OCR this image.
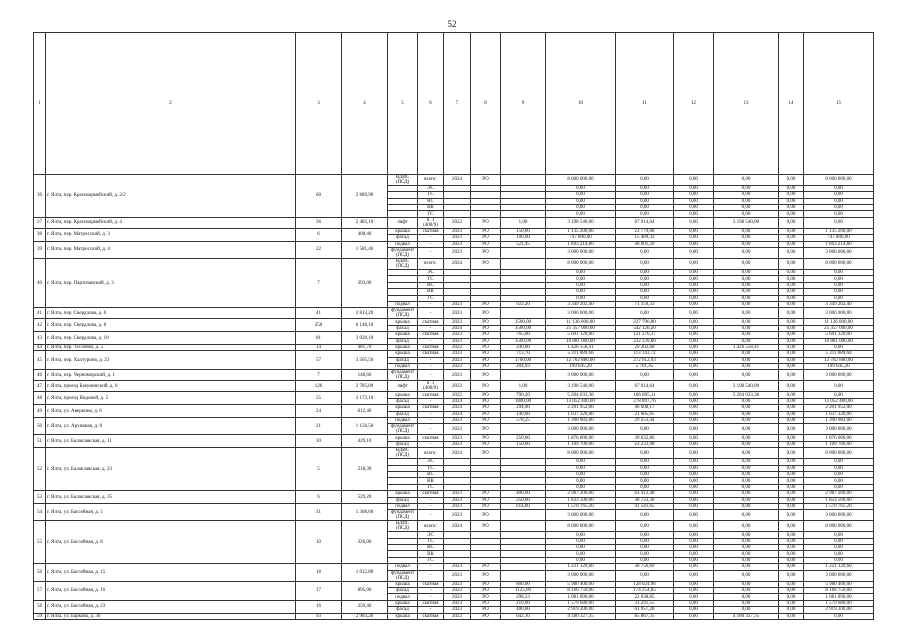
52
1	2	3	4	5	6	7	8	9	10	11	12	13	14	15
36	г. Ялта, пер. Красноармейский, д. 2/2	60	2 889,90	ВДИС (ПСД)	всего:	2024	РО		8 000 000,00	0,00	0,00	0,00	0,00	8 000 000,00
					ЭС				0,00	0,00	0,00	0,00	0,00	0,00
					ТС				0,00	0,00	0,00	0,00	0,00	0,00
					ВС				0,00	0,00	0,00	0,00	0,00	0,00
					ВК				0,00	0,00	0,00	0,00	0,00	0,00
					ГС				0,00	0,00	0,00	0,00	0,00	0,00
37	г. Ялта, пер. Красноармейский, д. 4	36	2 483,10	лифт	п. 1 (400/9)	2022	РО	1,00	3 198 540,00	67 014,64	0,00	3 198 540,00	0,00	0,00
38	г. Ялта, пер. Матросский, д. 3	6	408,40	крыша	скатная	2023	РО	150,00	1 135 200,00	23 779,68	0,00	0,00	0,00	1 135 200,00
				фасад	-	2023	РО	100,00	747 800,00	15 489,32	0,00	0,00	0,00	747 800,00
39	г. Ялта, пер. Матросский, д. 4	22	1 581,40	подвал	-	2023	РО	521,45	1 893 214,80	40 001,20	0,00	0,00	0,00	1 893 214,80
				фундамент (ПСД)	-	2023	РО		3 000 000,00	0,00	0,00	0,00	0,00	3 000 000,00
40	г. Ялта, пер. Партизанский, д. 3	7	393,00	ВДИС (ПСД)	всего:	2024	РО		8 000 000,00	0,00	0,00	0,00	0,00	8 000 000,00
					ЭС				0,00	0,00	0,00	0,00	0,00	0,00
					ТС				0,00	0,00	0,00	0,00	0,00	0,00
					ВС				0,00	0,00	0,00	0,00	0,00	0,00
					ВК				0,00	0,00	0,00	0,00	0,00	0,00
					ГС				0,00	0,00	0,00	0,00	0,00	0,00
				подвал	-	2023	РО	922,20	3 349 202,40	71 159,33	0,00	0,00	0,00	3 349 202,40
41	г. Ялта, пер. Свердлова, д. 6	41	2 813,20	фундамент (ПСД)	-	2023	РО		3 000 000,00	0,00	0,00	0,00	0,00	3 000 000,00
42	г. Ялта, пер. Свердлова, д. 8	250	6 148,10	крыша	скатная	2023	РО	1500,00	11 136 000,00	237 796,80	0,00	0,00	0,00	11 136 000,00
				фасад	-	2024	РО	3500,00	25 357 000,00	542 126,20	0,00	0,00	0,00	25 357 000,00
43	г. Ялта, пер. Свердлова, д. 10	81	3 028,10	крыша	скатная	2023	РО	765,00	5 691 120,00	121 276,37	0,00	0,00	0,00	5 691 120,00
				фасад	-	2023	РО	1500,00	10 881 000,00	232 239,80	0,00	0,00	0,00	10 881 000,00
44	г. Ялта, пер. Тесленко, д. 5	14	481,70	крыша	скатная	2022	РО	240,00	1 426 558,41	29 302,68	0,00	1 426 558,41	0,00	0,00
45	г. Ялта, пер. Халтурина, д. 23	57	3 505,50	крыша	скатная	2023	РО	713,70	5 311 089,60	113 143,72	0,00	0,00	0,00	5 311 089,60
				фасад	-	2023	РО	1760,00	12 762 880,00	272 612,03	0,00	0,00	0,00	12 762 880,00
				подвал	-	2023	РО	204,93	199 645,20	5 701,45	0,00	0,00	0,00	199 645,20
46	г. Ялта, пер. Черноморский, д. 1	7	148,60	фундамент (ПСД)	-	2023	РО		3 000 000,00	0,00	0,00	0,00	0,00	3 000 000,00
47	г. Ялта, проезд Бакуменский, д. 6	126	2 785,00	лифт	п. 1 (400/9)	2022	РО	1,00	3 198 540,00	67 014,64	0,00	3 198 540,00	0,00	0,00
48	г. Ялта, проезд Видовой, д. 5	55	3 172,10	крыша	скатная	2022	РО	790,20	5 204 033,38	106 895,11	0,00	5 204 033,38	0,00	0,00
				фасад	-	2024	РО	1800,00	13 052 400,00	278 897,76	0,00	0,00	0,00	13 052 400,00
49	г. Ялта, ул. Аверкина, д. 6	24	612,40	крыша	скатная	2024	РО	294,00	2 201 952,00	46 608,17	0,00	0,00	0,00	2 201 952,00
				фасад	-	2024	РО	140,00	1 037 320,00	21 685,05	0,00	0,00	0,00	1 037 320,00
50	г. Ялта, ул. Архивная, д. 8	21	1 156,50	подвал	-	2023	РО	578,25	1 390 983,00	29 253,44	0,00	0,00	0,00	1 390 983,00
				фундамент (ПСД)	-	2023	РО		3 000 000,00	0,00	0,00	0,00	0,00	3 000 000,00
51	г. Ялта, ул. Балаклавская, д. 11	10	429,10	крыша	скатная	2023	РО	250,00	1 876 000,00	39 632,80	0,00	0,00	0,00	1 876 000,00
				фасад	-	2023	РО	150,00	1 109 700,00	23 233,98	0,00	0,00	0,00	1 109 700,00
52	г. Ялта, ул. Балаклавская, д. 23	5	218,30	ВДИС (ПСД)	всего:	2024	РО		8 000 000,00	0,00	0,00	0,00	0,00	8 000 000,00
					ЭС				0,00	0,00	0,00	0,00	0,00	0,00
					ТС				0,00	0,00	0,00	0,00	0,00	0,00
					ВС				0,00	0,00	0,00	0,00	0,00	0,00
					ВК				0,00	0,00	0,00	0,00	0,00	0,00
					ГС				0,00	0,00	0,00	0,00	0,00	0,00
53	г. Ялта, ул. Балаклавская, д. 35	6	529,20	крыша	скатная	2023	РО	400,00	2 987 200,00	63 412,48	0,00	0,00	0,00	2 987 200,00
				фасад	-	2023	РО	250,00	1 833 500,00	38 723,30	0,00	0,00	0,00	1 833 500,00
54	г. Ялта, ул. Бассейная, д. 5	31	1 308,60	подвал	-	2023	РО	614,80	1 570 765,20	41 541,65	0,00	0,00	0,00	1 570 765,20
				фундамент (ПСД)	-	2023	РО		3 000 000,00	0,00	0,00	0,00	0,00	3 000 000,00
55	г. Ялта, ул. Бассейная, д. 8	10	326,00	ВДИС (ПСД)	всего:	2024	РО		8 000 000,00	0,00	0,00	0,00	0,00	8 000 000,00
					ЭС				0,00	0,00	0,00	0,00	0,00	0,00
					ТС				0,00	0,00	0,00	0,00	0,00	0,00
					ВС				0,00	0,00	0,00	0,00	0,00	0,00
					ВК				0,00	0,00	0,00	0,00	0,00	0,00
					ГС				0,00	0,00	0,00	0,00	0,00	0,00
56	г. Ялта, ул. Бассейная, д. 15	18	1 012,80	подвал	-	2023	РО		1 221 129,60	38 756,69	0,00	0,00	0,00	1 221 129,60
				фундамент (ПСД)	-	2023	РО		3 000 000,00	0,00	0,00	0,00	0,00	3 000 000,00
57	г. Ялта, ул. Бассейная, д. 16	17	895,00	крыша	скатная	2023	РО	800,00	5 980 400,00	128 024,96	0,00	0,00	0,00	5 980 400,00
				фасад	-	2023	РО	1125,00	8 166 750,00	174 254,85	0,00	0,00	0,00	8 166 750,00
				подвал	-	2023	РО	298,33	1 081 890,00	22 638,85	0,00	0,00	0,00	1 081 890,00
58	г. Ялта, ул. Бассейная, д. 23	16	259,40	крыша	скатная	2023	РО	210,00	1 579 680,00	33 291,55	0,00	0,00	0,00	1 579 680,00
				фасад	-	2023	РО	400,00	2 919 200,00	61 957,28	0,00	0,00	0,00	2 919 200,00
59	г. Ялта, ул. Баркова, д. 36	93	2 983,20	крыша	скатная	2022	РО	642,10	4 180 327,35	85 867,35	0,00	4 180 327,35	0,00	0,00
